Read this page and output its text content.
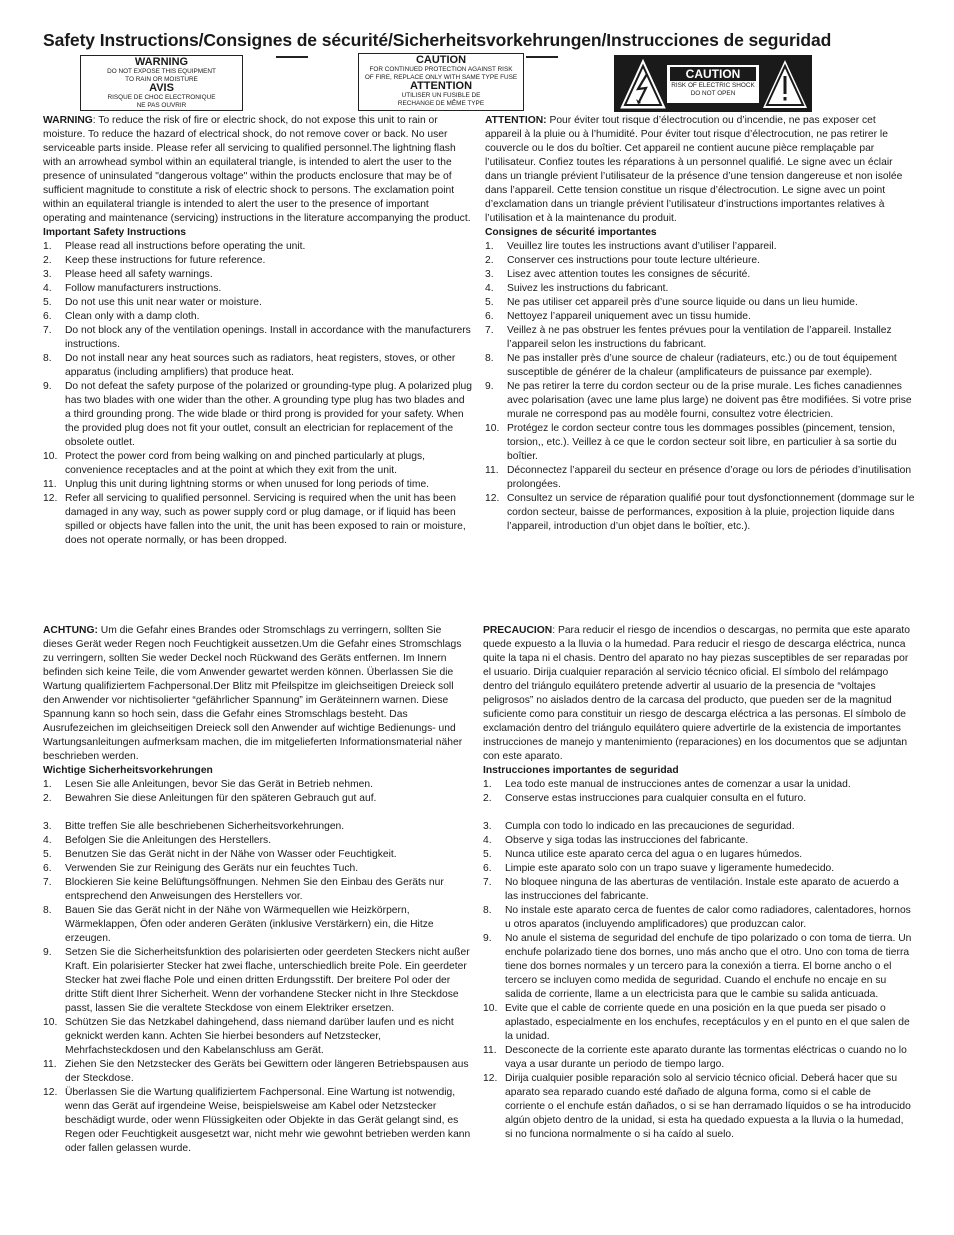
Safety Instructions/Consignes de sécurité/Sicherheitsvorkehrungen/Instrucciones de seguridad
WARNING
DO NOT EXPOSE THIS EQUIPMENT
TO RAIN OR MOISTURE
AVIS
RISQUE DE CHOC ELECTRONIQUE
NE PAS OUVRIR
CAUTION
FOR CONTINUED PROTECTION AGAINST RISK
OF FIRE, REPLACE ONLY WITH SAME TYPE FUSE
ATTENTION
UTILISER UN FUSIBLE DE
RECHANGE DE MÊME TYPE
CAUTION
RISK OF ELECTRIC SHOCK
DO NOT OPEN

WARNING: To reduce the risk of fire or electric shock, do not expose this unit to rain or moisture. To reduce the hazard of electrical shock, do not remove cover or back. No user serviceable parts inside. Please refer all servicing to qualified personnel.The lightning flash with an arrowhead symbol within an equilateral triangle, is intended to alert the user to the presence of uninsulated "dangerous voltage" within the products enclosure that may be of sufficient magnitude to constitute a risk of electric shock to persons. The exclamation point within an equilateral triangle is intended to alert the user to the presence of important operating and maintenance (servicing) instructions in the literature accompanying the product.

Important Safety Instructions

1. Please read all instructions before operating the unit.
2. Keep these instructions for future reference.
3. Please heed all safety warnings.
4. Follow manufacturers instructions.
5. Do not use this unit near water or moisture.
6. Clean only with a damp cloth.
7. Do not block any of the ventilation openings. Install in accordance with the manufacturers instructions.
8. Do not install near any heat sources such as radiators, heat registers, stoves, or other apparatus (including amplifiers) that produce heat.
9. Do not defeat the safety purpose of the polarized or grounding-type plug. A polarized plug has two blades with one wider than the other. A grounding type plug has two blades and a third grounding prong. The wide blade or third prong is provided for your safety. When the provided plug does not fit your outlet, consult an electrician for replacement of the obsolete outlet.
10. Protect the power cord from being walking on and pinched particularly at plugs, convenience receptacles and at the point at which they exit from the unit.
11. Unplug this unit during lightning storms or when unused for long periods of time.
12. Refer all servicing to qualified personnel. Servicing is required when the unit has been damaged in any way, such as power supply cord or plug damage, or if liquid has been spilled or objects have fallen into the unit, the unit has been exposed to rain or moisture, does not operate normally, or has been dropped.

ATTENTION: Pour éviter tout risque d’électrocution ou d’incendie, ne pas exposer cet appareil à la pluie ou à l’humidité. Pour éviter tout risque d’électrocution, ne pas retirer le couvercle ou le dos du boîtier. Cet appareil ne contient aucune pièce remplaçable par l’utilisateur. Confiez toutes les réparations à un personnel qualifié. Le signe avec un éclair dans un triangle prévient l’utilisateur de la présence d’une tension dangereuse et non isolée dans l’appareil. Cette tension constitue un risque d’électrocution. Le signe avec un point d’exclamation dans un triangle prévient l’utilisateur d’instructions importantes relatives à l’utilisation et à la maintenance du produit.

Consignes de sécurité importantes

1. Veuillez lire toutes les instructions avant d’utiliser l’appareil.
2. Conserver ces instructions pour toute lecture ultérieure.
3. Lisez avec attention toutes les consignes de sécurité.
4. Suivez les instructions du fabricant.
5. Ne pas utiliser cet appareil près d’une source liquide ou dans un lieu humide.
6. Nettoyez l’appareil uniquement avec un tissu humide.
7. Veillez à ne pas obstruer les fentes prévues pour la ventilation de l’appareil. Installez l’appareil selon les instructions du fabricant.
8. Ne pas installer près d’une source de chaleur (radiateurs, etc.) ou de tout équipement susceptible de générer de la chaleur (amplificateurs de puissance par exemple).
9. Ne pas retirer la terre du cordon secteur ou de la prise murale. Les fiches canadiennes avec polarisation (avec une lame plus large) ne doivent pas être modifiées. Si votre prise murale ne correspond pas au modèle fourni, consultez votre électricien.
10. Protégez le cordon secteur contre tous les dommages possibles (pincement, tension, torsion,, etc.). Veillez à ce que le cordon secteur soit libre, en particulier à sa sortie du boîtier.
11. Déconnectez l’appareil du secteur en présence d’orage ou lors de périodes d’inutilisation prolongées.
12. Consultez un service de réparation qualifié pour tout dysfonctionnement (dommage sur le cordon secteur, baisse de performances, exposition à la pluie, projection liquide dans l’appareil, introduction d’un objet dans le boîtier, etc.).

ACHTUNG: Um die Gefahr eines Brandes oder Stromschlags zu verringern, sollten Sie dieses Gerät weder Regen noch Feuchtigkeit aussetzen.Um die Gefahr eines Stromschlags zu verringern, sollten Sie weder Deckel noch Rückwand des Geräts entfernen. Im Innern befinden sich keine Teile, die vom Anwender gewartet werden können. Überlassen Sie die Wartung qualifiziertem Fachpersonal.Der Blitz mit Pfeilspitze im gleichseitigen Dreieck soll den Anwender vor nichtisolierter “gefährlicher Spannung” im Geräteinnern warnen. Diese Spannung kann so hoch sein, dass die Gefahr eines Stromschlags besteht. Das Ausrufezeichen im gleichseitigen Dreieck soll den Anwender auf wichtige Bedienungs- und Wartungsanleitungen aufmerksam machen, die im mitgelieferten Informationsmaterial näher beschrieben werden.

Wichtige Sicherheitsvorkehrungen

1. Lesen Sie alle Anleitungen, bevor Sie das Gerät in Betrieb nehmen.
2. Bewahren Sie diese Anleitungen für den späteren Gebrauch gut auf.
3. Bitte treffen Sie alle beschriebenen Sicherheitsvorkehrungen.
4. Befolgen Sie die Anleitungen des Herstellers.
5. Benutzen Sie das Gerät nicht in der Nähe von Wasser oder Feuchtigkeit.
6. Verwenden Sie zur Reinigung des Geräts nur ein feuchtes Tuch.
7. Blockieren Sie keine Belüftungsöffnungen. Nehmen Sie den Einbau des Geräts nur entsprechend den Anweisungen des Herstellers vor.
8. Bauen Sie das Gerät nicht in der Nähe von Wärmequellen wie Heizkörpern, Wärmeklappen, Öfen oder anderen Geräten (inklusive Verstärkern) ein, die Hitze erzeugen.
9. Setzen Sie die Sicherheitsfunktion des polarisierten oder geerdeten Steckers nicht außer Kraft. Ein polarisierter Stecker hat zwei flache, unterschiedlich breite Pole. Ein geerdeter Stecker hat zwei flache Pole und einen dritten Erdungsstift. Der breitere Pol oder der dritte Stift dient Ihrer Sicherheit. Wenn der vorhandene Stecker nicht in Ihre Steckdose passt, lassen Sie die veraltete Steckdose von einem Elektriker ersetzen.
10. Schützen Sie das Netzkabel dahingehend, dass niemand darüber laufen und es nicht geknickt werden kann. Achten Sie hierbei besonders auf Netzstecker, Mehrfachsteckdosen und den Kabelanschluss am Gerät.
11. Ziehen Sie den Netzstecker des Geräts bei Gewittern oder längeren Betriebspausen aus der Steckdose.
12. Überlassen Sie die Wartung qualifiziertem Fachpersonal. Eine Wartung ist notwendig, wenn das Gerät auf irgendeine Weise, beispielsweise am Kabel oder Netzstecker beschädigt wurde, oder wenn Flüssigkeiten oder Objekte in das Gerät gelangt sind, es Regen oder Feuchtigkeit ausgesetzt war, nicht mehr wie gewohnt betrieben werden kann oder fallen gelassen wurde.

PRECAUCION: Para reducir el riesgo de incendios o descargas, no permita que este aparato quede expuesto a la lluvia o la humedad. Para reducir el riesgo de descarga eléctrica, nunca quite la tapa ni el chasis. Dentro del aparato no hay piezas susceptibles de ser reparadas por el usuario. Dirija cualquier reparación al servicio técnico oficial. El símbolo del relámpago dentro del triángulo equilátero pretende advertir al usuario de la presencia de “voltajes peligrosos” no aislados dentro de la carcasa del producto, que pueden ser de la magnitud suficiente como para constituir un riesgo de descarga eléctrica a las personas. El símbolo de exclamación dentro del triángulo equilátero quiere advertirle de la existencia de importantes instrucciones de manejo y mantenimiento (reparaciones) en los documentos que se adjuntan con este aparato.

Instrucciones importantes de seguridad

1. Lea todo este manual de instrucciones antes de comenzar a usar la unidad.
2. Conserve estas instrucciones para cualquier consulta en el futuro.
3. Cumpla con todo lo indicado en las precauciones de seguridad.
4. Observe y siga todas las instrucciones del fabricante.
5. Nunca utilice este aparato cerca del agua o en lugares húmedos.
6. Limpie este aparato solo con un trapo suave y ligeramente humedecido.
7. No bloquee ninguna de las aberturas de ventilación. Instale este aparato de acuerdo a las instrucciones del fabricante.
8. No instale este aparato cerca de fuentes de calor como radiadores, calentadores, hornos u otros aparatos (incluyendo amplificadores) que produzcan calor.
9. No anule el sistema de seguridad del enchufe de tipo polarizado o con toma de tierra. Un enchufe polarizado tiene dos bornes, uno más ancho que el otro. Uno con toma de tierra tiene dos bornes normales y un tercero para la conexión a tierra. El borne ancho o el tercero se incluyen como medida de seguridad. Cuando el enchufe no encaje en su salida de corriente, llame a un electricista para que le cambie su salida anticuada.
10. Evite que el cable de corriente quede en una posición en la que pueda ser pisado o aplastado, especialmente en los enchufes, receptáculos y en el punto en el que salen de la unidad.
11. Desconecte de la corriente este aparato durante las tormentas eléctricas o cuando no lo vaya a usar durante un periodo de tiempo largo.
12. Dirija cualquier posible reparación solo al servicio técnico oficial. Deberá hacer que su aparato sea reparado cuando esté dañado de alguna forma, como si el cable de corriente o el enchufe están dañados, o si se han derramado líquidos o se ha introducido algún objeto dentro de la unidad, si esta ha quedado expuesta a la lluvia o la humedad, si no funciona normalmente o si ha caído al suelo.
